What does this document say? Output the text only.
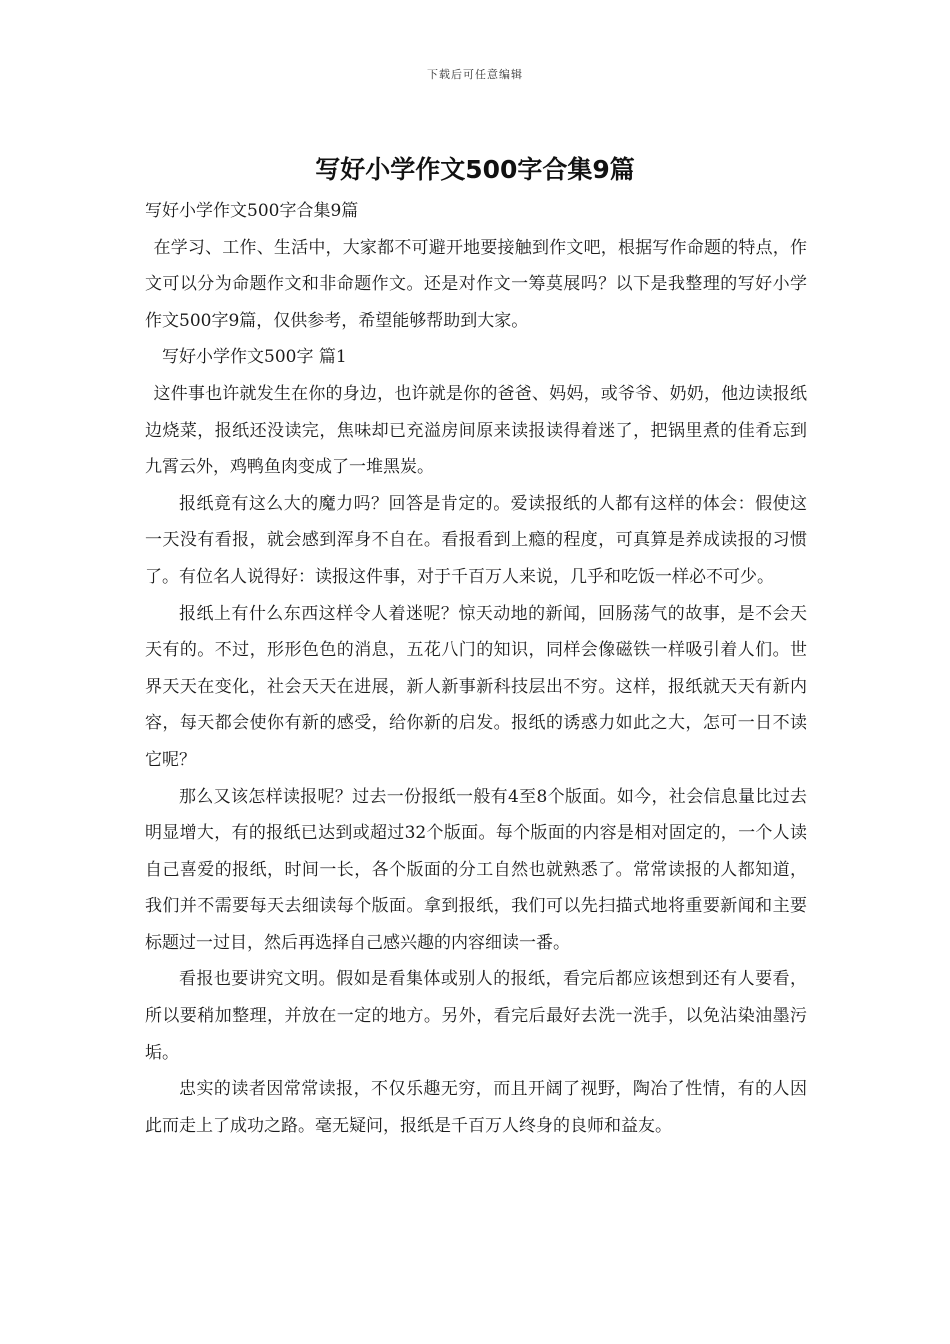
下载后可任意编辑
写好小学作文500字合集9篇

写好小学作文500字合集9篇

在学习、工作、生活中，大家都不可避开地要接触到作文吧，根据写作命题的特点，作文可以分为命题作文和非命题作文。还是对作文一筹莫展吗？以下是我整理的写好小学作文500字9篇，仅供参考，希望能够帮助到大家。

写好小学作文500字 篇1

这件事也许就发生在你的身边，也许就是你的爸爸、妈妈，或爷爷、奶奶，他边读报纸边烧菜，报纸还没读完，焦味却已充溢房间原来读报读得着迷了，把锅里煮的佳肴忘到九霄云外，鸡鸭鱼肉变成了一堆黑炭。

报纸竟有这么大的魔力吗？回答是肯定的。爱读报纸的人都有这样的体会：假使这一天没有看报，就会感到浑身不自在。看报看到上瘾的程度，可真算是养成读报的习惯了。有位名人说得好：读报这件事，对于千百万人来说，几乎和吃饭一样必不可少。

报纸上有什么东西这样令人着迷呢？惊天动地的新闻，回肠荡气的故事，是不会天天有的。不过，形形色色的消息，五花八门的知识，同样会像磁铁一样吸引着人们。世界天天在变化，社会天天在进展，新人新事新科技层出不穷。这样，报纸就天天有新内容，每天都会使你有新的感受，给你新的启发。报纸的诱惑力如此之大，怎可一日不读它呢？

那么又该怎样读报呢？过去一份报纸一般有4至8个版面。如今，社会信息量比过去明显增大，有的报纸已达到或超过32个版面。每个版面的内容是相对固定的，一个人读自己喜爱的报纸，时间一长，各个版面的分工自然也就熟悉了。常常读报的人都知道，我们并不需要每天去细读每个版面。拿到报纸，我们可以先扫描式地将重要新闻和主要标题过一过目，然后再选择自己感兴趣的内容细读一番。

看报也要讲究文明。假如是看集体或别人的报纸，看完后都应该想到还有人要看，所以要稍加整理，并放在一定的地方。另外，看完后最好去洗一洗手，以免沾染油墨污垢。

忠实的读者因常常读报，不仅乐趣无穷，而且开阔了视野，陶冶了性情，有的人因此而走上了成功之路。毫无疑问，报纸是千百万人终身的良师和益友。
